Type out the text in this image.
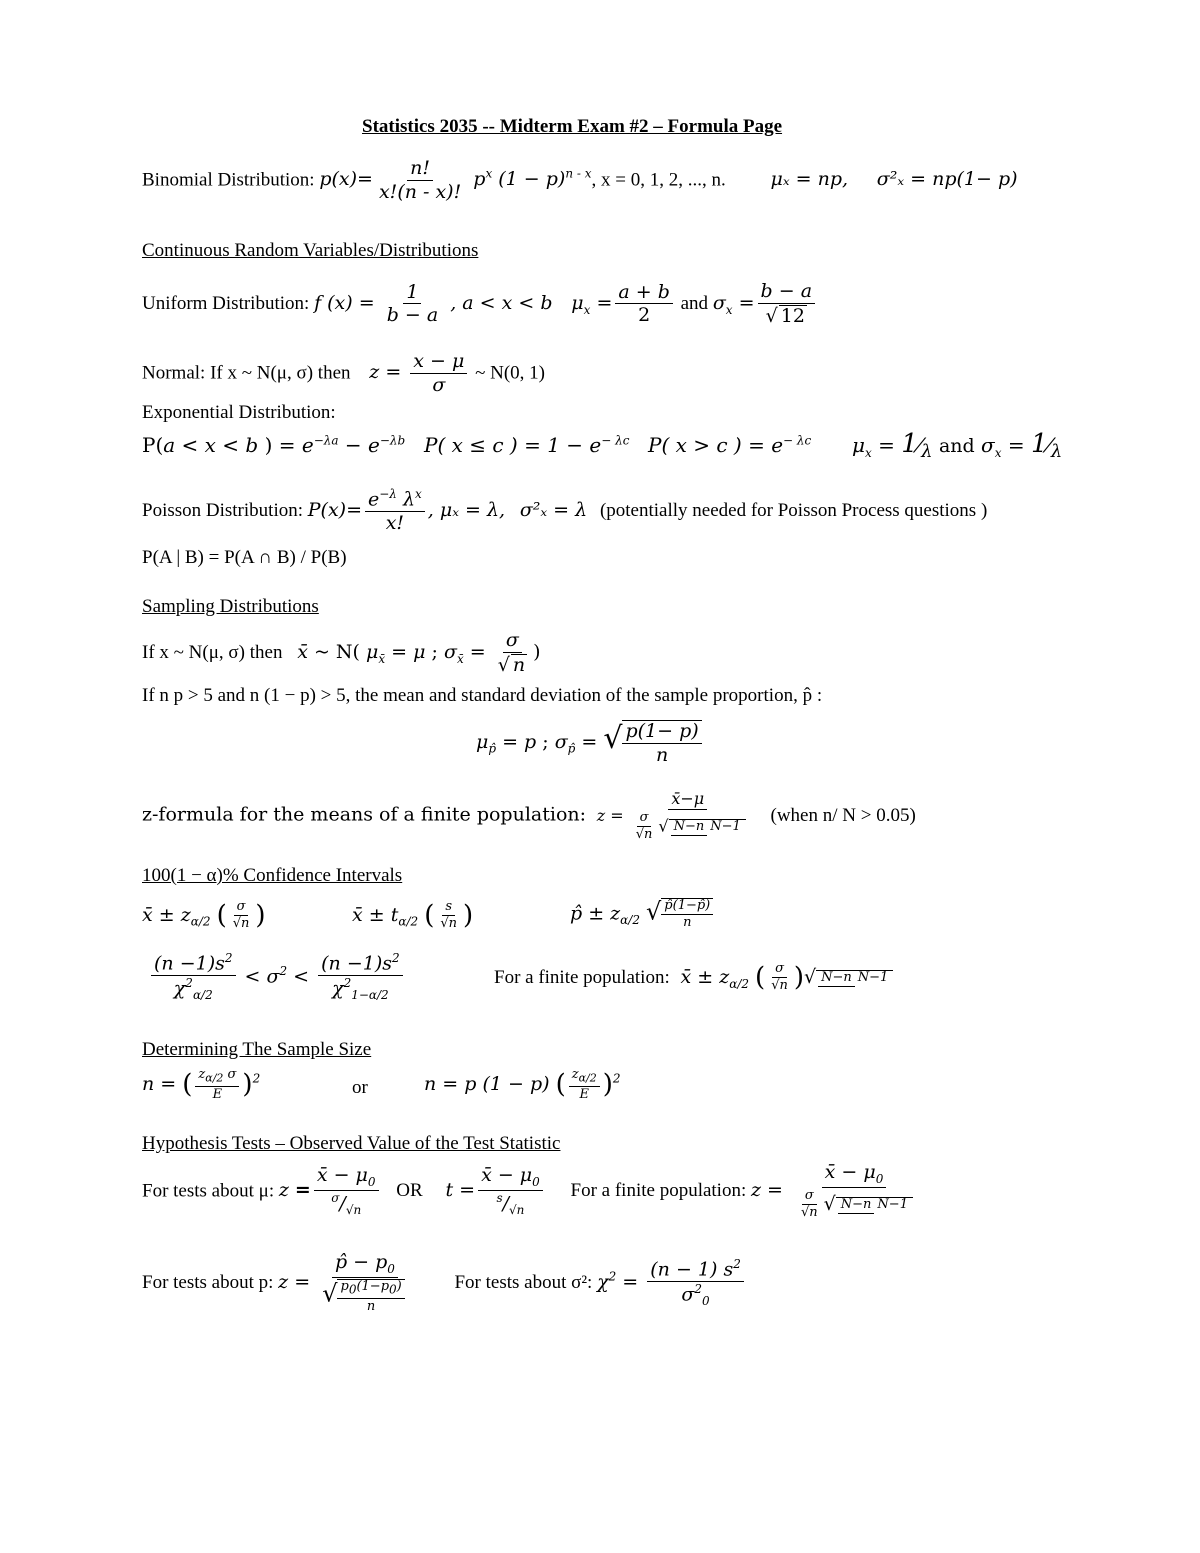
Statistics 2035 -- Midterm Exam #2 – Formula Page
Binomial Distribution: $p(x)= \frac{n!}{x!(n - x)!} p^x$ $(1 - p)^{n - x}$, x = 0, 1, 2, ..., n. μₓ = np, σ²ₓ = np(1− p)
Continuous Random Variables/Distributions
Uniform Distribution: f $(x) = \frac{1}{b - a}$ , a < x < b $\mu_x = \frac{a + b}{2}$ and $\sigma_x = \frac{b - a}{√ 12}$
Normal: If x ~ N(μ, σ) then $z = \frac{x - \mu}{\sigma}$ ~ N(0, 1)
Exponential Distribution:
P(a < x < b ) = $e^{-\lambda a} - e^{-\lambda b}$ P( x ≤ c ) = $1 - e^{- \lambda c}$ P( x > c ) = $e^{- \lambda c}$ $\mu_x$ = $1⁄_\lambda$ and $\sigma_x$ = $1⁄_\lambda$
Poisson Distribution: $P(x)= \frac{e^{-\lambda} \lambda^x}{x!}$ , μₓ = λ, σ²ₓ = λ (potentially needed for Poisson Process questions )
P(A | B) = P(A ∩ B) / P(B)
Sampling Distributions
If x ~ N(μ, σ) then x̄ ~ N( $\mu_{x̄} = \mu$ ; $\sigma_{x̄} = \frac{\sigma}{√ n}$ )
If n p > 5 and n (1 − p) > 5, the mean and standard deviation of the sample proportion, p̂ :
$\mu_{p̂} = p$ ; $\sigma_{p̂}$ = √ $\frac{p(1- p)}{n}$
z-formula for the means of a finite population: $z = \frac{x̄-\mu}{\frac{\sigma}{√n} √ N-n N-1}$ (when n/ N > 0.05)
100(1 − α)% Confidence Intervals
x̄ ± $z_{\alpha/2}$ ( $\frac{\sigma}{√n}$ )	x̄ ± $t_{\alpha/2}$ ( $\frac{s}{√n}$ )	p̂ ± $z_{\alpha/2}$ √ $\frac{p̂(1-p̂)}{n}$
$\frac{(n -1)s^2}{\chi^2_{\alpha/2}} < \sigma^2 < \frac{(n -1)s^2}{\chi^2_{1-\alpha/2}}$	For a finite population: x̄ ± $z_{\alpha/2}$ ( $\frac{\sigma}{√n}$ )√ N−n N−1
Determining The Sample Size
n = ( $\frac{z_{\alpha/2} \sigma}{E} )^2$	or	n = p (1 − p) ( $\frac{z_{\alpha/2}}{E} )^2$
Hypothesis Tests – Observed Value of the Test Statistic
For tests about μ: $z = \frac{x̄ - \mu_0}{^\sigma/_{√n}}$ OR $t = \frac{x̄ - \mu_0}{^s/_{√n}}$ For a finite population: $z = \frac{x̄ - \mu_0}{\frac{\sigma}{√n} √ N-n N-1}$
For tests about p: $z = \frac{p̂ - p_0}{√ \frac{p_0(1-p_0)}{n}}$ For tests about σ²: $\chi^2 = \frac{(n - 1) s^2}{\sigma^2_0}$
